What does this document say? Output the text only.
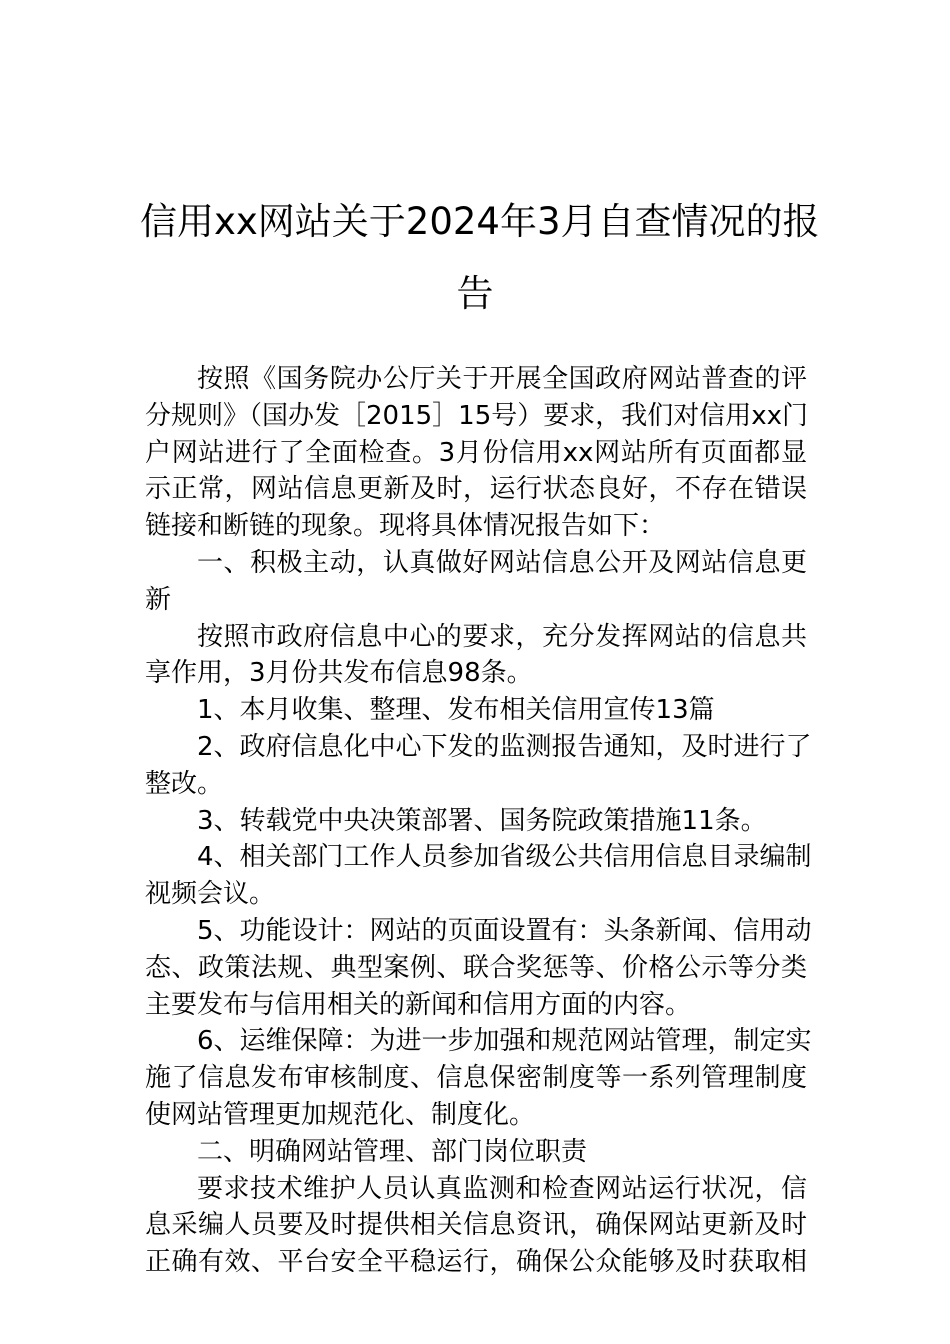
信用xx网站关于2024年3月自查情况的报
告
按照《国务院办公厅关于开展全国政府网站普查的评
分规则》（国办发［2015］15号）要求，我们对信用xx门
户网站进行了全面检查。3月份信用xx网站所有页面都显
示正常，网站信息更新及时，运行状态良好，不存在错误
链接和断链的现象。现将具体情况报告如下：
一、积极主动，认真做好网站信息公开及网站信息更
新
按照市政府信息中心的要求，充分发挥网站的信息共
享作用，3月份共发布信息98条。
1、本月收集、整理、发布相关信用宣传13篇
2、政府信息化中心下发的监测报告通知，及时进行了
整改。
3、转载党中央决策部署、国务院政策措施11条。
4、相关部门工作人员参加省级公共信用信息目录编制
视频会议。
5、功能设计：网站的页面设置有：头条新闻、信用动
态、政策法规、典型案例、联合奖惩等、价格公示等分类
主要发布与信用相关的新闻和信用方面的内容。
6、运维保障：为进一步加强和规范网站管理，制定实
施了信息发布审核制度、信息保密制度等一系列管理制度
使网站管理更加规范化、制度化。
二、明确网站管理、部门岗位职责
要求技术维护人员认真监测和检查网站运行状况，信
息采编人员要及时提供相关信息资讯，确保网站更新及时
正确有效、平台安全平稳运行，确保公众能够及时获取相
